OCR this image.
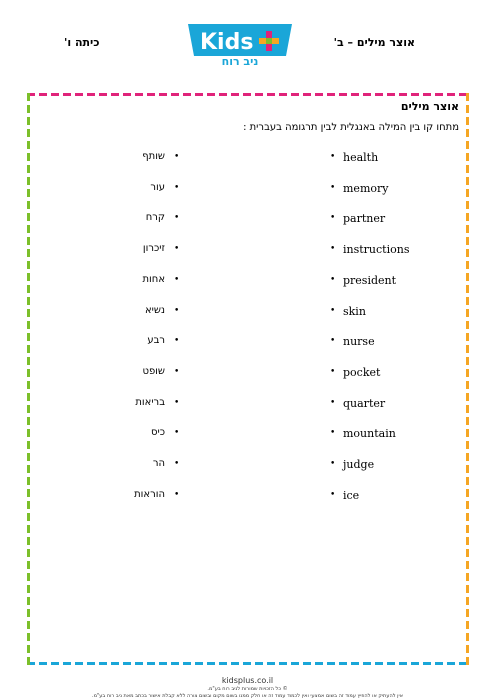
כיתה ו'	אוצר מילים – ב'
Kids
ניב רוח
אוצר מילים
מתחו קו בין המילה באנגלית לבין תרגומה בעברית :
• health
שותף •
• memory
עור •
• partner
קרח •
• instructions
זיכרון •
• president
אחות •
• skin
נשיא •
• nurse
רבע •
• pocket
שופט •
• quarter
בריאות •
• mountain
כיס •
• judge
הר •
• ice
הוראות •
kidsplus.co.il
© כל הזכויות שמורות לניב רוח בע"מ.
אין להעתיק או להפיץ עמוד זה בשום אמצעי ואין לכמוד עמוד זה או חלק ממנו בשום מקום ובשום צורה ללא קבלת אישור בכתב מאת ניב רוח בע"מ.
